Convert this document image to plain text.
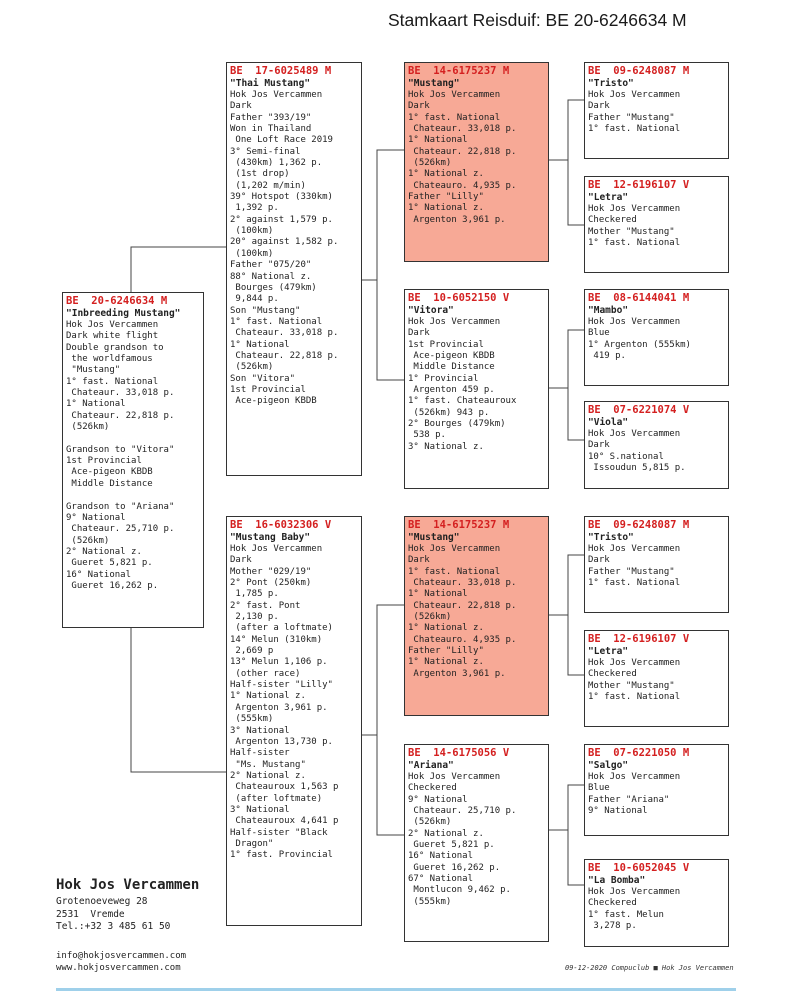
Stamkaart Reisduif: BE 20-6246634 M
BE  20-6246634 M
"Inbreeding Mustang"
Hok Jos Vercammen
Dark white flight
Double grandson to
the worldfamous
"Mustang"
1° fast. National
Chateaur. 33,018 p.
1° National
Chateaur. 22,818 p.
(526km)

Grandson to "Vitora"
1st Provincial
Ace-pigeon KBDB
Middle Distance

Grandson to "Ariana"
9° National
Chateaur. 25,710 p.
(526km)
2° National z.
Gueret 5,821 p.
16° National
Gueret 16,262 p.
BE  17-6025489 M
"Thai Mustang"
Hok Jos Vercammen
Dark
Father "393/19"
Won in Thailand
One Loft Race 2019
3° Semi-final
(430km) 1,362 p.
(1st drop)
(1,202 m/min)
39° Hotspot (330km)
1,392 p.
2° against 1,579 p.
(100km)
20° against 1,582 p.
(100km)
Father "075/20"
88° National z.
Bourges (479km)
9,844 p.
Son "Mustang"
1° fast. National
Chateaur. 33,018 p.
1° National
Chateaur. 22,818 p.
(526km)
Son "Vitora"
1st Provincial
Ace-pigeon KBDB
BE  16-6032306 V
"Mustang Baby"
Hok Jos Vercammen
Dark
Mother "029/19"
2° Pont (250km)
1,785 p.
2° fast. Pont
2,130 p.
(after a loftmate)
14° Melun (310km)
2,669 p
13° Melun 1,106 p.
(other race)
Half-sister "Lilly"
1° National z.
Argenton 3,961 p.
(555km)
3° National
Argenton 13,730 p.
Half-sister
"Ms. Mustang"
2° National z.
Chateauroux 1,563 p
(after loftmate)
3° National
Chateauroux 4,641 p
Half-sister "Black
Dragon"
1° fast. Provincial
BE  14-6175237 M
"Mustang"
Hok Jos Vercammen
Dark
1° fast. National
Chateaur. 33,018 p.
1° National
Chateaur. 22,818 p.
(526km)
1° National z.
Chateauro. 4,935 p.
Father "Lilly"
1° National z.
Argenton 3,961 p.
BE  10-6052150 V
"Vitora"
Hok Jos Vercammen
Dark
1st Provincial
Ace-pigeon KBDB
Middle Distance
1° Provincial
Argenton 459 p.
1° fast. Chateauroux
(526km) 943 p.
2° Bourges (479km)
538 p.
3° National z.
BE  14-6175237 M
"Mustang"
Hok Jos Vercammen
Dark
1° fast. National
Chateaur. 33,018 p.
1° National
Chateaur. 22,818 p.
(526km)
1° National z.
Chateauro. 4,935 p.
Father "Lilly"
1° National z.
Argenton 3,961 p.
BE  14-6175056 V
"Ariana"
Hok Jos Vercammen
Checkered
9° National
Chateaur. 25,710 p.
(526km)
2° National z.
Gueret 5,821 p.
16° National
Gueret 16,262 p.
67° National
Montlucon 9,462 p.
(555km)
BE  09-6248087 M
"Tristo"
Hok Jos Vercammen
Dark
Father "Mustang"
1° fast. National
BE  12-6196107 V
"Letra"
Hok Jos Vercammen
Checkered
Mother "Mustang"
1° fast. National
BE  08-6144041 M
"Mambo"
Hok Jos Vercammen
Blue
1° Argenton (555km)
419 p.
BE  07-6221074 V
"Viola"
Hok Jos Vercammen
Dark
10° S.national
Issoudun 5,815 p.
BE  09-6248087 M
"Tristo"
Hok Jos Vercammen
Dark
Father "Mustang"
1° fast. National
BE  12-6196107 V
"Letra"
Hok Jos Vercammen
Checkered
Mother "Mustang"
1° fast. National
BE  07-6221050 M
"Salgo"
Hok Jos Vercammen
Blue
Father "Ariana"
9° National
BE  10-6052045 V
"La Bomba"
Hok Jos Vercammen
Checkered
1° fast. Melun
3,278 p.
Hok Jos Vercammen
Grotenoeveweg 28
2531  Vremde
Tel.:+32 3 485 61 50
info@hokjosvercammen.com
www.hokjosvercammen.com	09-12-2020 Compuclub ■ Hok Jos Vercammen
